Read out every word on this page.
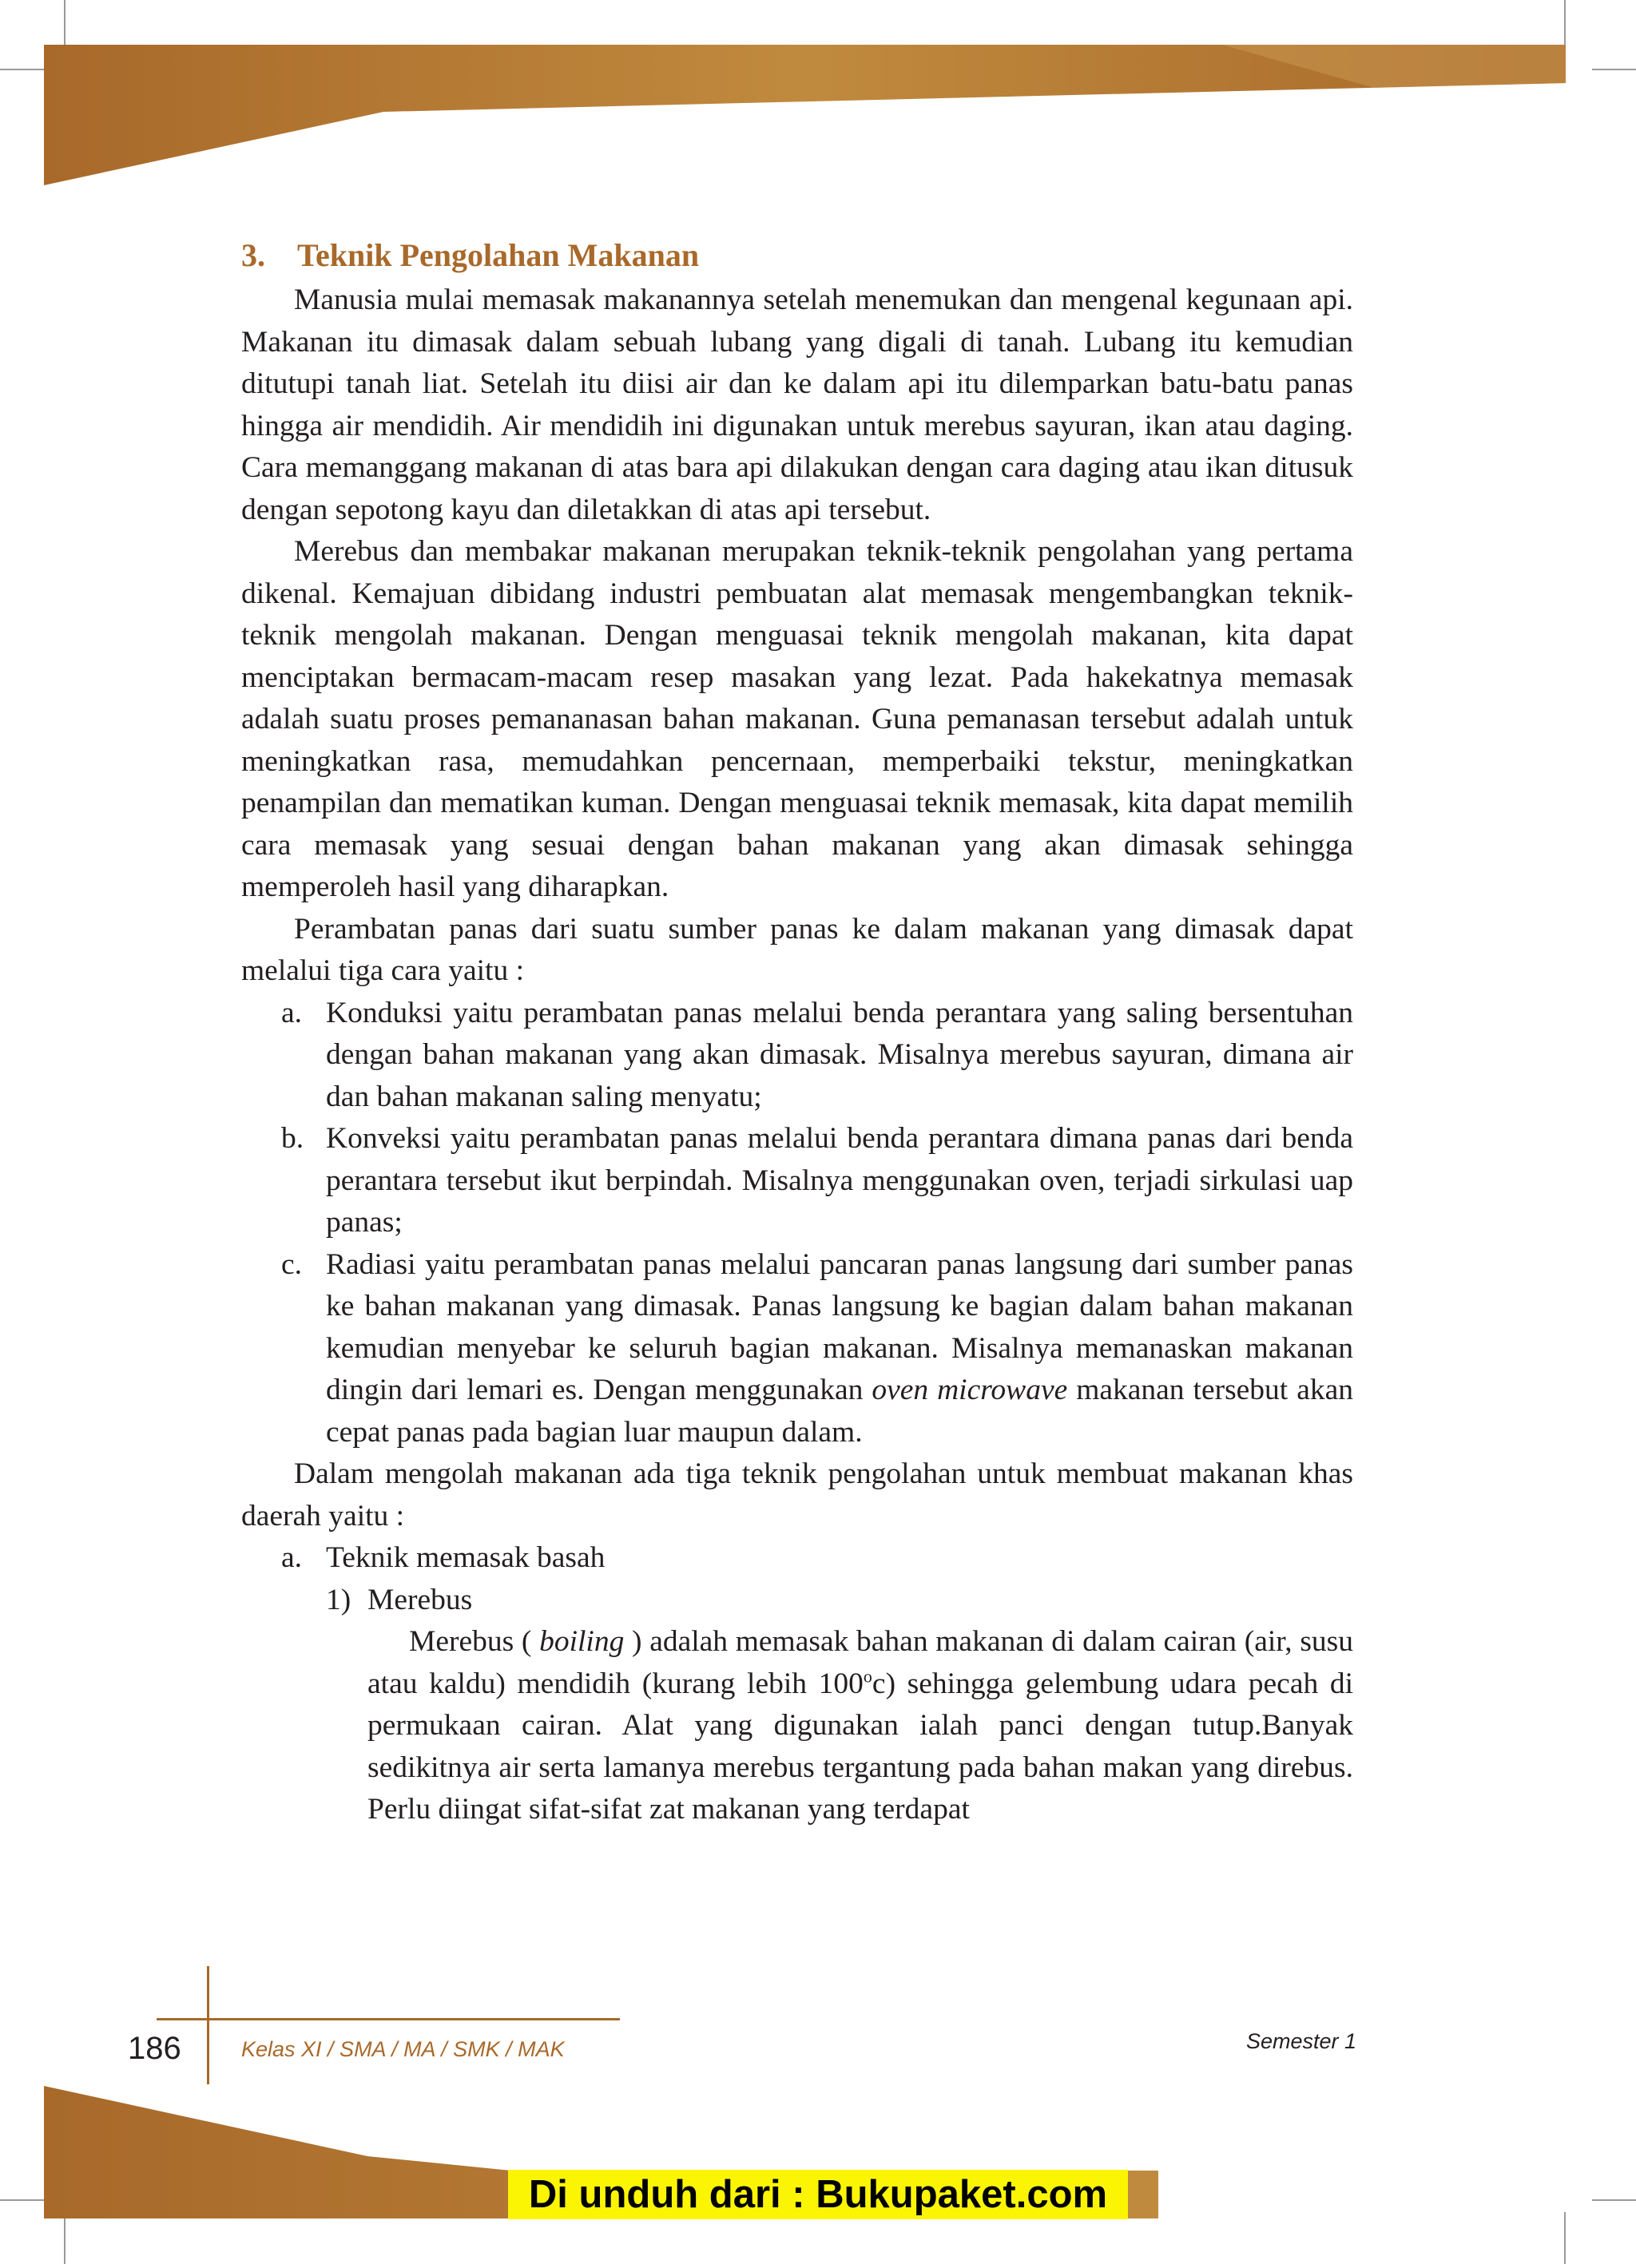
3. Teknik Pengolahan Makanan

Manusia mulai memasak makanannya setelah menemukan dan mengenal kegunaan api. Makanan itu dimasak dalam sebuah lubang yang digali di tanah. Lubang itu kemudian ditutupi tanah liat. Setelah itu diisi air dan ke dalam api itu dilemparkan batu-batu panas hingga air mendidih. Air mendidih ini digunakan untuk merebus sayuran, ikan atau daging. Cara memanggang makanan di atas bara api dilakukan dengan cara daging atau ikan ditusuk dengan sepotong kayu dan diletakkan di atas api tersebut.

Merebus dan membakar makanan merupakan teknik-teknik pengolahan yang pertama dikenal. Kemajuan dibidang industri pembuatan alat memasak mengembangkan teknik-teknik mengolah makanan. Dengan menguasai teknik mengolah makanan, kita dapat menciptakan bermacam-macam resep masakan yang lezat. Pada hakekatnya memasak adalah suatu proses pemananasan bahan makanan. Guna pemanasan tersebut adalah untuk meningkatkan rasa, memudahkan pencernaan, memperbaiki tekstur, meningkatkan penampilan dan mematikan kuman. Dengan menguasai teknik memasak, kita dapat memilih cara memasak yang sesuai dengan bahan makanan yang akan dimasak sehingga memperoleh hasil yang diharapkan.

Perambatan panas dari suatu sumber panas ke dalam makanan yang dimasak dapat melalui tiga cara yaitu :

a. Konduksi yaitu perambatan panas melalui benda perantara yang saling bersentuhan dengan bahan makanan yang akan dimasak. Misalnya merebus sayuran, dimana air dan bahan makanan saling menyatu;
b. Konveksi yaitu perambatan panas melalui benda perantara dimana panas dari benda perantara tersebut ikut berpindah. Misalnya menggunakan oven, terjadi sirkulasi uap panas;
c. Radiasi yaitu perambatan panas melalui pancaran panas langsung dari sumber panas ke bahan makanan yang dimasak. Panas langsung ke bagian dalam bahan makanan kemudian menyebar ke seluruh bagian makanan. Misalnya memanaskan makanan dingin dari lemari es. Dengan menggunakan oven microwave makanan tersebut akan cepat panas pada bagian luar maupun dalam.

Dalam mengolah makanan ada tiga teknik pengolahan untuk membuat makanan khas daerah yaitu :

a. Teknik memasak basah
1) Merebus

Merebus ( boiling ) adalah memasak bahan makanan di dalam cairan (air, susu atau kaldu) mendidih (kurang lebih 100$^o$c) sehingga gelembung udara pecah di permukaan cairan. Alat yang digunakan ialah panci dengan tutup.Banyak sedikitnya air serta lamanya merebus tergantung pada bahan makan yang direbus. Perlu diingat sifat-sifat zat makanan yang terdapat

186	Kelas XI / SMA / MA / SMK / MAK	Semester 1
Di unduh dari : Bukupaket.com
